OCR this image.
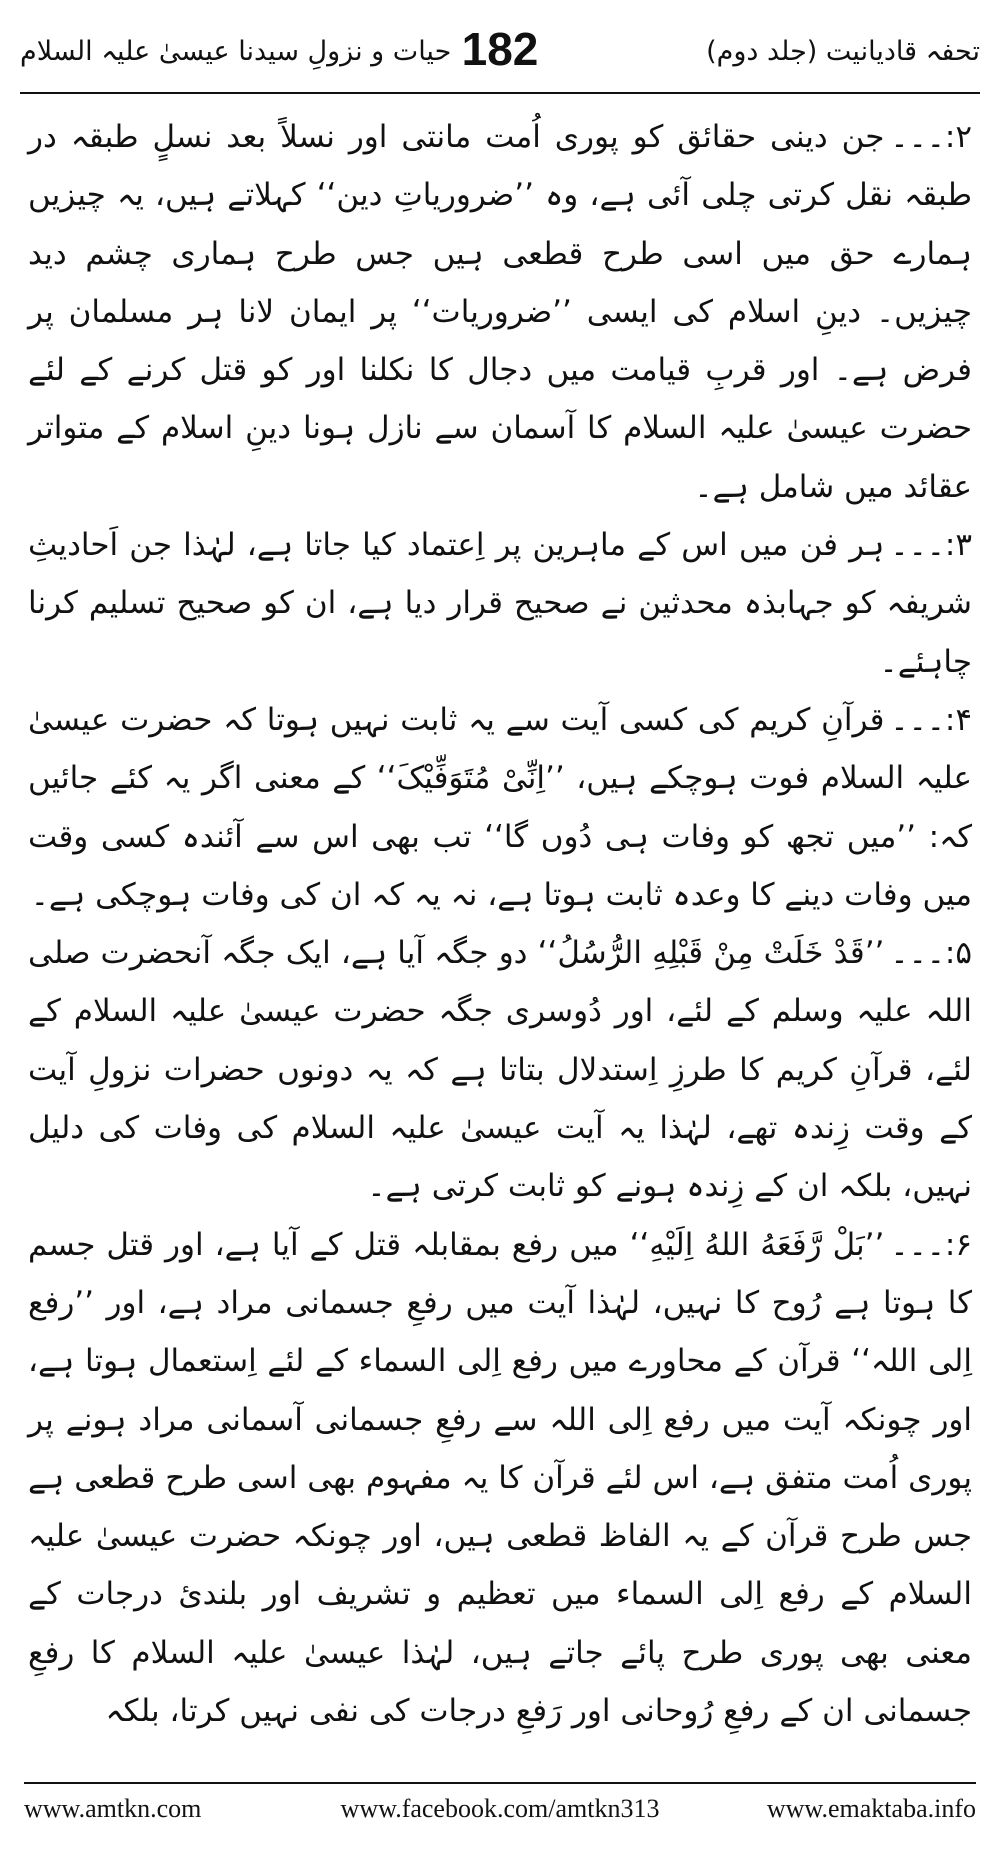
تحفہ قادیانیت (جلد دوم)
182
حیات و نزولِ سیدنا عیسیٰ علیہ السلام

۲:۔۔۔جن دینی حقائق کو پوری اُمت مانتی اور نسلاً بعد نسلٍ طبقہ در طبقہ نقل کرتی چلی آئی ہے، وہ ’’ضروریاتِ دین‘‘ کہلاتے ہیں، یہ چیزیں ہمارے حق میں اسی طرح قطعی ہیں جس طرح ہماری چشم دید چیزیں۔ دینِ اسلام کی ایسی ’’ضروریات‘‘ پر ایمان لانا ہر مسلمان پر فرض ہے۔ اور قربِ قیامت میں دجال کا نکلنا اور کو قتل کرنے کے لئے حضرت عیسیٰ علیہ السلام کا آسمان سے نازل ہونا دینِ اسلام کے متواتر عقائد میں شامل ہے۔

۳:۔۔۔ہر فن میں اس کے ماہرین پر اِعتماد کیا جاتا ہے، لہٰذا جن اَحادیثِ شریفہ کو جہابذہ محدثین نے صحیح قرار دیا ہے، ان کو صحیح تسلیم کرنا چاہئے۔

۴:۔۔۔قرآنِ کریم کی کسی آیت سے یہ ثابت نہیں ہوتا کہ حضرت عیسیٰ علیہ السلام فوت ہوچکے ہیں، ’’اِنِّیْ مُتَوَفِّیْکَ‘‘ کے معنی اگر یہ کئے جائیں کہ: ’’میں تجھ کو وفات ہی دُوں گا‘‘ تب بھی اس سے آئندہ کسی وقت میں وفات دینے کا وعدہ ثابت ہوتا ہے، نہ یہ کہ ان کی وفات ہوچکی ہے۔

۵:۔۔۔’’قَدْ خَلَتْ مِنْ قَبْلِهِ الرُّسُلُ‘‘ دو جگہ آیا ہے، ایک جگہ آنحضرت صلی اللہ علیہ وسلم کے لئے، اور دُوسری جگہ حضرت عیسیٰ علیہ السلام کے لئے، قرآنِ کریم کا طرزِ اِستدلال بتاتا ہے کہ یہ دونوں حضرات نزولِ آیت کے وقت زِندہ تھے، لہٰذا یہ آیت عیسیٰ علیہ السلام کی وفات کی دلیل نہیں، بلکہ ان کے زِندہ ہونے کو ثابت کرتی ہے۔

۶:۔۔۔’’بَلْ رَّفَعَهُ اللهُ اِلَيْهِ‘‘ میں رفع بمقابلہ قتل کے آیا ہے، اور قتل جسم کا ہوتا ہے رُوح کا نہیں، لہٰذا آیت میں رفعِ جسمانی مراد ہے، اور ’’رفع اِلی اللہ‘‘ قرآن کے محاورے میں رفع اِلی السماء کے لئے اِستعمال ہوتا ہے، اور چونکہ آیت میں رفع اِلی اللہ سے رفعِ جسمانی آسمانی مراد ہونے پر پوری اُمت متفق ہے، اس لئے قرآن کا یہ مفہوم بھی اسی طرح قطعی ہے جس طرح قرآن کے یہ الفاظ قطعی ہیں، اور چونکہ حضرت عیسیٰ علیہ السلام کے رفع اِلی السماء میں تعظیم و تشریف اور بلندیٔ درجات کے معنی بھی پوری طرح پائے جاتے ہیں، لہٰذا عیسیٰ علیہ السلام کا رفعِ جسمانی ان کے رفعِ رُوحانی اور رَفعِ درجات کی نفی نہیں کرتا، بلکہ

www.amtkn.com	www.facebook.com/amtkn313	www.emaktaba.info
